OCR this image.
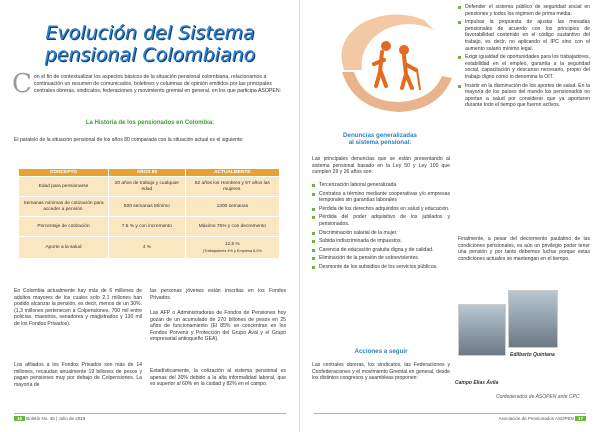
Evolución del Sistema
pensional Colombiano
C on el fin de contextualizar los aspectos básicos de la situación pensional colombiana, relacionamos a continuación un resumen de comunicados, boletines y columnas de opinión emitidos por las principales centrales obreras, sindicatos, federaciones y movimiento gremial en general, en los que participa ASOPEN:
La Historia de los pensionados en Colombia:
El paralelo de la situación pensional de los años 80 comparada con la situación actual es el siguiente:
CONCEPTO	AÑOS 80	ACTUALMENTE
Edad para pensionarse	20 años de trabajo y cualquier edad	62 años los Hombres y 57 años las mujeres.
Semanas mínimas de cotización para acceder a pensión.	500 semanas Mínimo	1300 semanas
Porcentaje de cotización	7.5 % y con incremento	Máximo 75% y con decremento
Aporte a la salud	4 %	12,5 %
(Trabajadores 4% y Empresa 8,5%
En Colombia actualmente hay más de 6 millones de adultos mayores de los cuales solo 2,1 millones han podido alcanzar la pensión, es decir, menos de un 30%. (1,3 millones pertenecen a Colpensiones, 700 mil entre policías, maestros, senadores y magistrados y 130 mil de los Fondos Privados).
Los afiliados a los Fondos Privados son más de 14 millones, recaudan anualmente 19 billones de pesos y pagan pensiones muy por debajo de Colpensiones. La mayoría de
las personas jóvenes están inscritas en los Fondos Privados.
Las AFP o Administradoras de Fondos de Pensiones hoy gozan de un acumulado de 270 billones de pesos en 25 años de funcionamiento (El 85% se concentran en los Fondos Porvenir y Protección del Grupo Aval y el Grupo empresarial antioqueño GEA).
Estadísticamente, la cotización al sistema pensional es apenas del 30% debido a la alta informalidad laboral, que es superior al 60% en la ciudad y 82% en el campo.
16 Boletín No. 45 | Julio de 2019
Denuncias generalizadas
al sistema pensional:
Las principales denuncias que se están presentando al sistema pensional basado en la Ley 50 y Ley 100 que cumplen 29 y 26 años son:
Tercerización laboral generalizada
Contratos a término mediante cooperativas y/o empresas temporales sin garantías laborales
Pérdida de los derechos adquiridos en salud y educación.
Pérdida del poder adquisitivo de los jubilados y pensionados.
Discriminación salarial de la mujer.
Subida indiscriminada de impuestos.
Carencia de educación gratuita digna y de calidad.
Eliminación de la pensión de sobrevivientes.
Desmonte de los subsidios de los servicios públicos.
Acciones a seguir
Las centrales obreras, los sindicatos, las Federaciones y Confederaciones y el movimiento Gremial en general, desde los distintos congresos y asambleas proponen:
Defender el sistema público de seguridad social en pensiones y todos los régimen de prima media.
Impulsar la propuesta de ajustar las mesadas pensionales de acuerdo con los principios de favorabilidad contenido en el código sustantivo del trabajo, es decir, no aplicando el IPC sino con el aumento salario mínimo legal.
Exigir igualdad de oportunidades para los trabajadores, estabilidad en el empleo, garantía a la seguridad social, capacitación y descanso necesario, propio del trabajo digno como lo denomina la OIT.
Insistir en la disminución de los aportes de salud. En la mayoría de los países del mundo los pensionados no aportan a salud por considerar que ya aportaron durante todo el tiempo que fueron activos.
Finalmente, a pesar del decremento paulatino de las condiciones pensionales, es aún un privilegio poder tener una pensión y por tanto debemos luchar porque estas condiciones actuales se mantengan en el tiempo.
Edilberto Quintana
Campo Elías Ávila
Confederados de ASOPEN ante CPC
Asociación de Pensionados ASOPEN 17
